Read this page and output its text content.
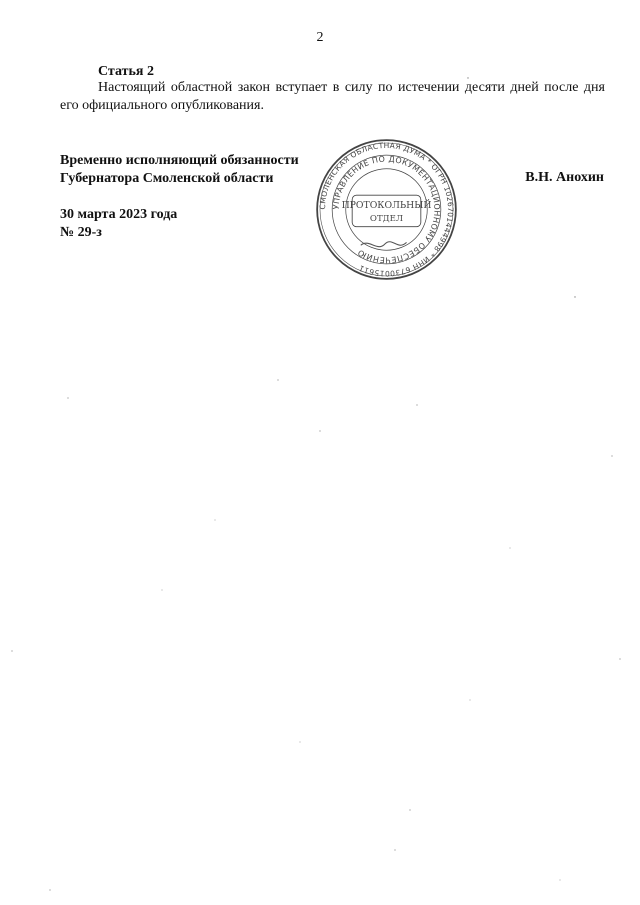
2
Статья 2
Настоящий областной закон вступает в силу по истечении десяти дней после дня его официального опубликования.
Временно исполняющий обязанности
Губернатора Смоленской области	В.Н. Анохин
30 марта 2023 года
№ 29-з
СМОЛЕНСКАЯ ОБЛАСТНАЯ ДУМА * ОГРН 1026701444998 * ИНН 6730015611
УПРАВЛЕНИЕ ПО ДОКУМЕНТАЦИОННОМУ ОБЕСПЕЧЕНИЮ
ПРОТОКОЛЬНЫЙ
ОТДЕЛ
